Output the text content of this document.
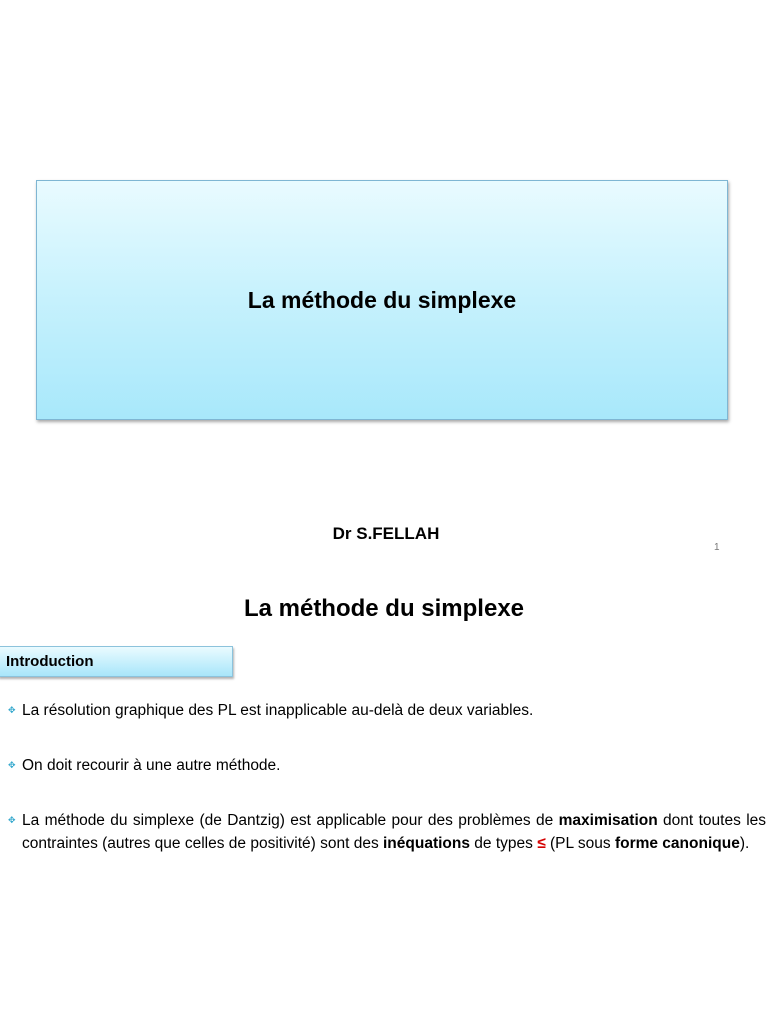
La méthode du simplexe
Dr S.FELLAH
1
La méthode du simplexe
Introduction
✥ La résolution graphique des PL est inapplicable au-delà de deux variables.
✥ On doit recourir à une autre méthode.
✥ La méthode du simplexe (de Dantzig) est applicable pour des problèmes de maximisation dont toutes les contraintes (autres que celles de positivité) sont des inéquations de types ≤ (PL sous forme canonique).
